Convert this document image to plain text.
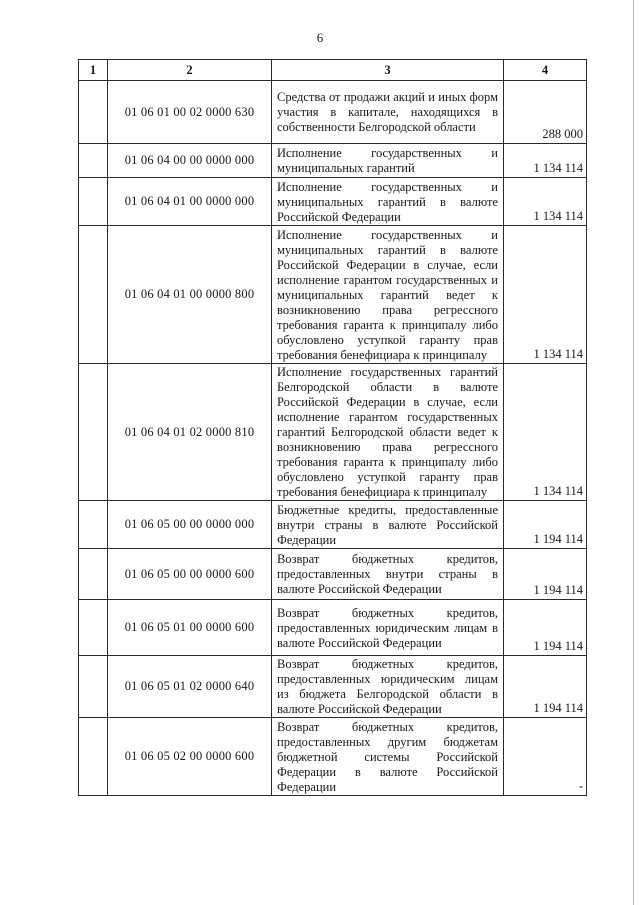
6
1	2	3	4
	01 06 01 00 02 0000 630	Средства от продажи акций и иных форм участия в капитале, находящихся в собственности Белгородской области	288 000
	01 06 04 00 00 0000 000	Исполнение государственных и муниципальных гарантий	1 134 114
	01 06 04 01 00 0000 000	Исполнение государственных и муниципальных гарантий в валюте Российской Федерации	1 134 114
	01 06 04 01 00 0000 800	Исполнение государственных и муниципальных гарантий в валюте Российской Федерации в случае, если исполнение гарантом государственных и муниципальных гарантий ведет к возникновению права регрессного требования гаранта к принципалу либо обусловлено уступкой гаранту прав требования бенефициара к принципалу	1 134 114
	01 06 04 01 02 0000 810	Исполнение государственных гарантий Белгородской области в валюте Российской Федерации в случае, если исполнение гарантом государственных гарантий Белгородской области ведет к возникновению права регрессного требования гаранта к принципалу либо обусловлено уступкой гаранту прав требования бенефициара к принципалу	1 134 114
	01 06 05 00 00 0000 000	Бюджетные кредиты, предоставленные внутри страны в валюте Российской Федерации	1 194 114
	01 06 05 00 00 0000 600	Возврат бюджетных кредитов, предоставленных внутри страны в валюте Российской Федерации	1 194 114
	01 06 05 01 00 0000 600	Возврат бюджетных кредитов, предоставленных юридическим лицам в валюте Российской Федерации	1 194 114
	01 06 05 01 02 0000 640	Возврат бюджетных кредитов, предоставленных юридическим лицам из бюджета Белгородской области в валюте Российской Федерации	1 194 114
	01 06 05 02 00 0000 600	Возврат бюджетных кредитов, предоставленных другим бюджетам бюджетной системы Российской Федерации в валюте Российской Федерации	-
